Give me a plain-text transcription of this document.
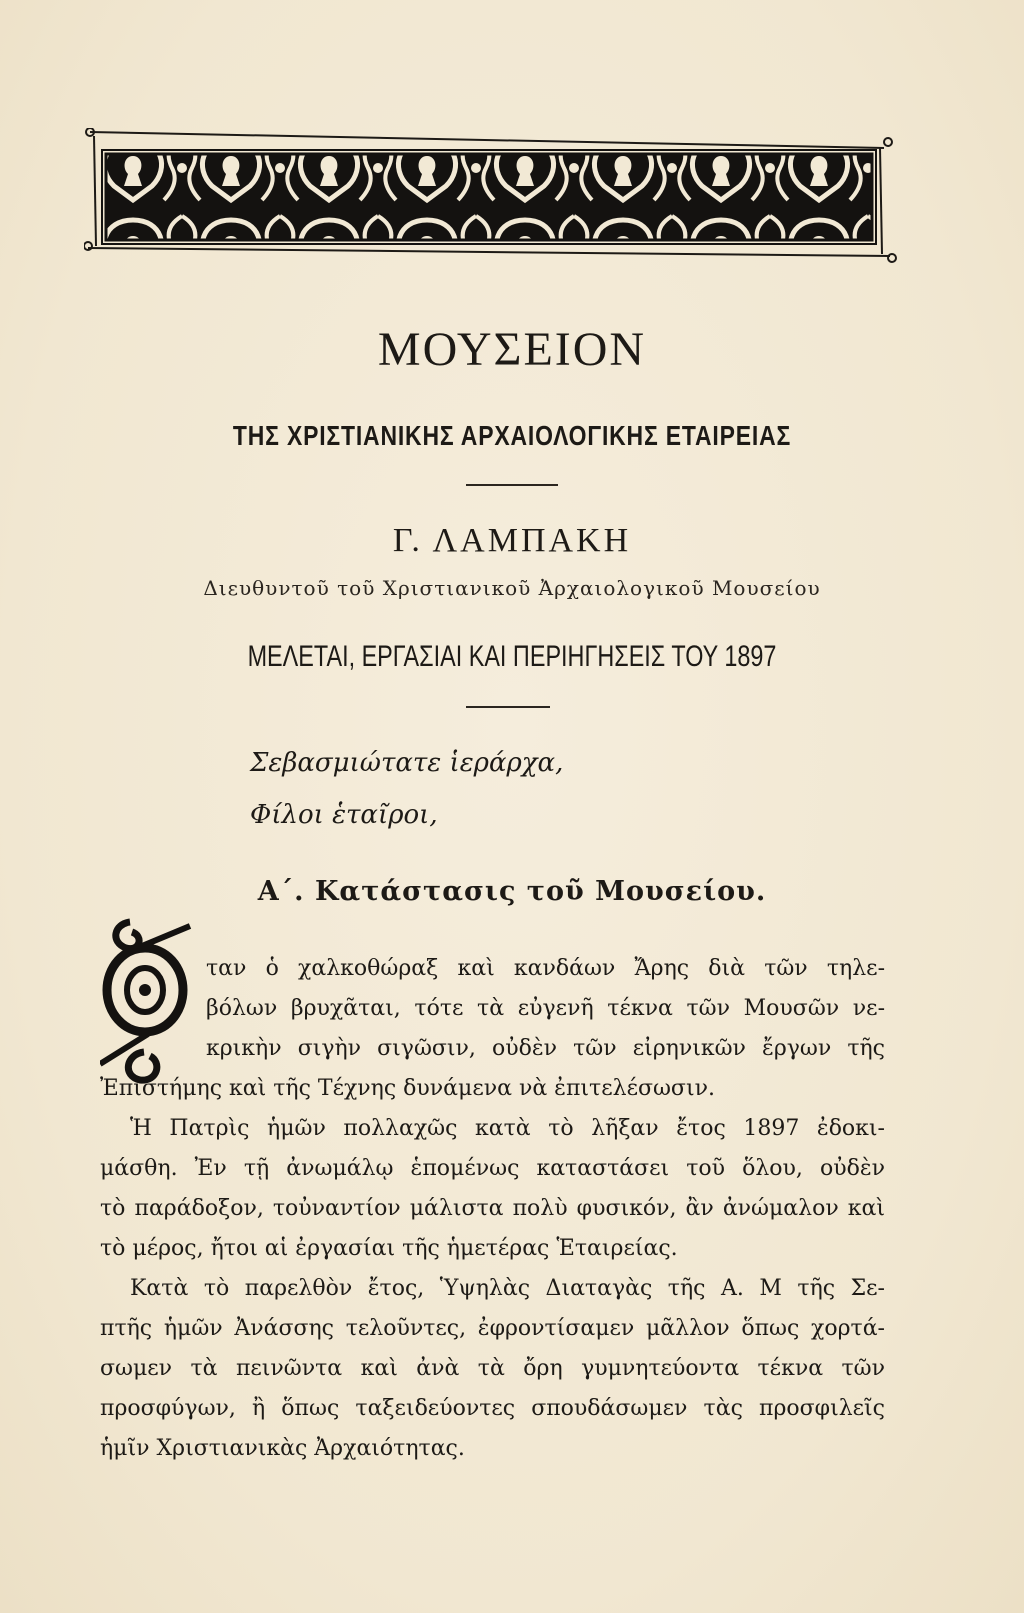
ΜΟΥΣΕΙΟΝ
ΤΗΣ ΧΡΙΣΤΙΑΝΙΚΗΣ ΑΡΧΑΙΟΛΟΓΙΚΗΣ ΕΤΑΙΡΕΙΑΣ
Γ. ΛΑΜΠΑΚΗ
Διευθυντοῦ τοῦ Χριστιανικοῦ Ἀρχαιολογικοῦ Μουσείου
ΜΕΛΕΤΑΙ, ΕΡΓΑΣΙΑΙ ΚΑΙ ΠΕΡΙΗΓΗΣΕΙΣ ΤΟΥ 1897
Σεβασμιώτατε ἱεράρχα,
Φίλοι ἑταῖροι,
Α΄. Κατάστασις τοῦ Μουσείου.
ταν ὁ χαλκοθώραξ καὶ κανδάων Ἄρης διὰ τῶν τηλε-
βόλων βρυχᾶται, τότε τὰ εὐγενῆ τέκνα τῶν Μουσῶν νε-
κρικὴν σιγὴν σιγῶσιν, οὐδὲν τῶν εἰρηνικῶν ἔργων τῆς
Ἐπιστήμης καὶ τῆς Τέχνης δυνάμενα νὰ ἐπιτελέσωσιν.
Ἡ Πατρὶς ἡμῶν πολλαχῶς κατὰ τὸ λῆξαν ἔτος 1897 ἐδοκι-
μάσθη. Ἐν τῇ ἀνωμάλῳ ἑπομένως καταστάσει τοῦ ὅλου, οὐδὲν
τὸ παράδοξον, τοὐναντίον μάλιστα πολὺ φυσικόν, ἂν ἀνώμαλον καὶ
τὸ μέρος, ἤτοι αἱ ἐργασίαι τῆς ἡμετέρας Ἑταιρείας.
Κατὰ τὸ παρελθὸν ἔτος, Ὑψηλὰς Διαταγὰς τῆς Α. Μ τῆς Σε-
πτῆς ἡμῶν Ἀνάσσης τελοῦντες, ἐφροντίσαμεν μᾶλλον ὅπως χορτά-
σωμεν τὰ πεινῶντα καὶ ἀνὰ τὰ ὄρη γυμνητεύοντα τέκνα τῶν
προσφύγων, ἢ ὅπως ταξειδεύοντες σπουδάσωμεν τὰς προσφιλεῖς
ἡμῖν Χριστιανικὰς Ἀρχαιότητας.
